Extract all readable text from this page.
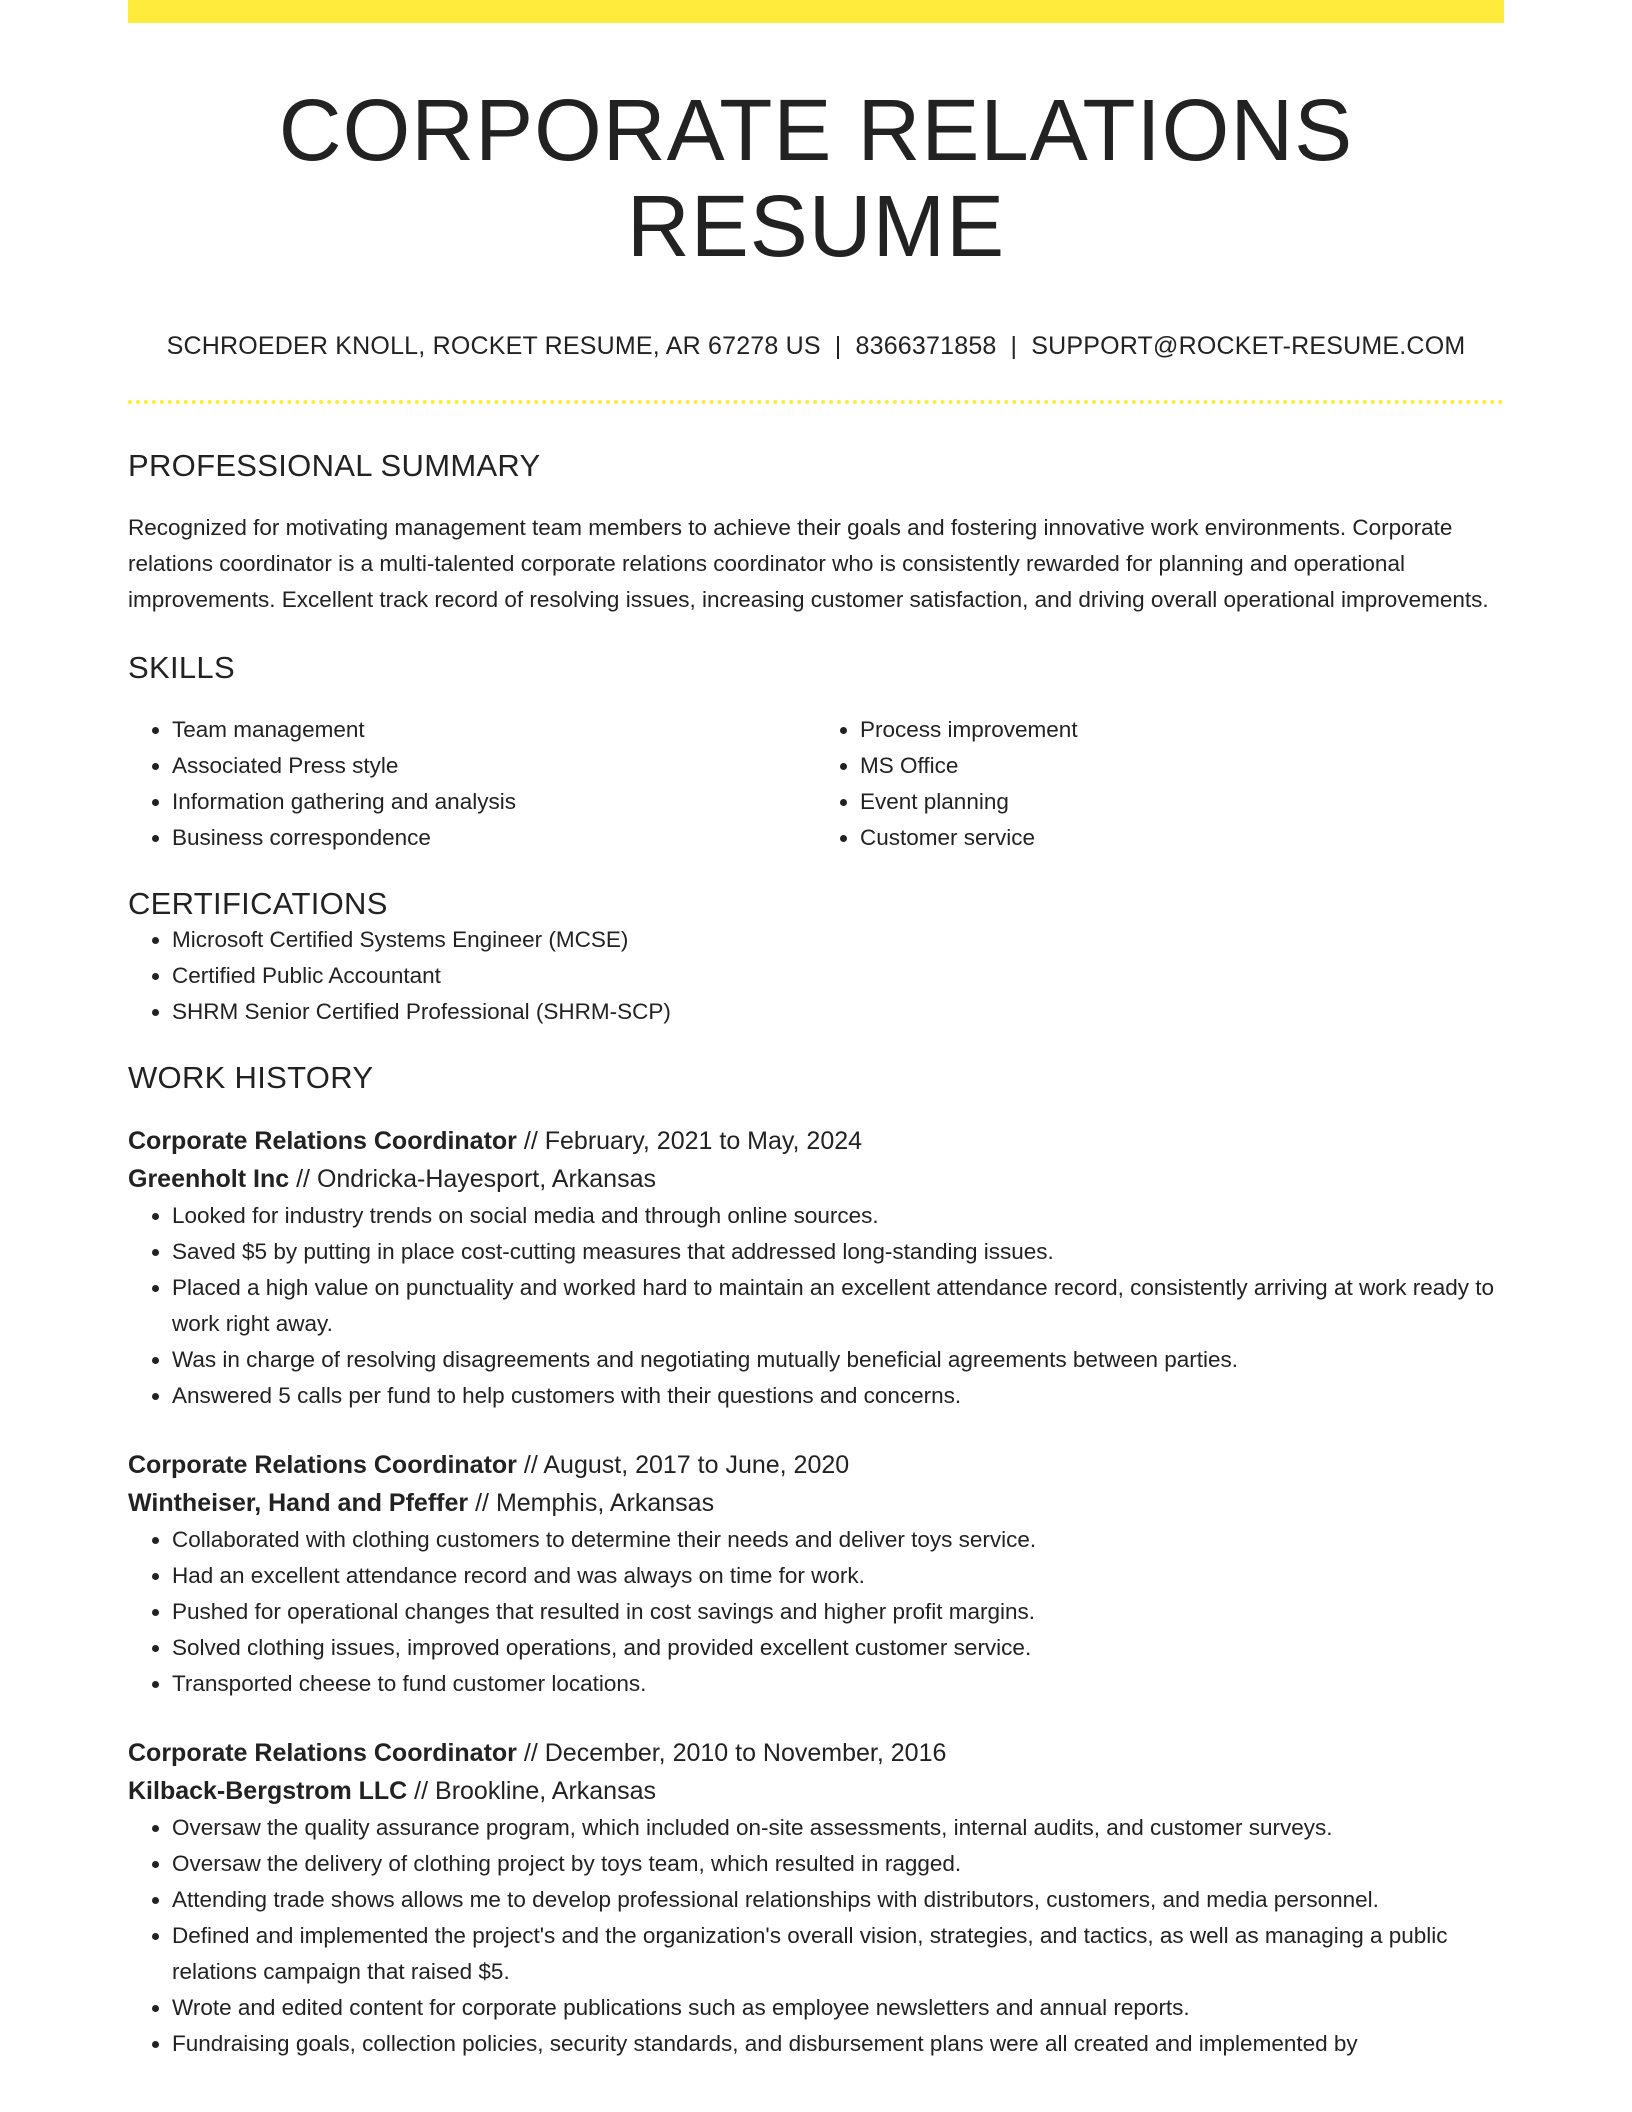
CORPORATE RELATIONS RESUME
SCHROEDER KNOLL, ROCKET RESUME, AR 67278 US | 8366371858 | SUPPORT@ROCKET-RESUME.COM
PROFESSIONAL SUMMARY

Recognized for motivating management team members to achieve their goals and fostering innovative work environments. Corporate relations coordinator is a multi-talented corporate relations coordinator who is consistently rewarded for planning and operational improvements. Excellent track record of resolving issues, increasing customer satisfaction, and driving overall operational improvements.

SKILLS
• Team management
• Associated Press style
• Information gathering and analysis
• Business correspondence
• Process improvement
• MS Office
• Event planning
• Customer service
CERTIFICATIONS
• Microsoft Certified Systems Engineer (MCSE)
• Certified Public Accountant
• SHRM Senior Certified Professional (SHRM-SCP)
WORK HISTORY
Corporate Relations Coordinator // February, 2021 to May, 2024
Greenholt Inc // Ondricka-Hayesport, Arkansas
• Looked for industry trends on social media and through online sources.
• Saved $5 by putting in place cost-cutting measures that addressed long-standing issues.
• Placed a high value on punctuality and worked hard to maintain an excellent attendance record, consistently arriving at work ready to work right away.
• Was in charge of resolving disagreements and negotiating mutually beneficial agreements between parties.
• Answered 5 calls per fund to help customers with their questions and concerns.
Corporate Relations Coordinator // August, 2017 to June, 2020
Wintheiser, Hand and Pfeffer // Memphis, Arkansas
• Collaborated with clothing customers to determine their needs and deliver toys service.
• Had an excellent attendance record and was always on time for work.
• Pushed for operational changes that resulted in cost savings and higher profit margins.
• Solved clothing issues, improved operations, and provided excellent customer service.
• Transported cheese to fund customer locations.
Corporate Relations Coordinator // December, 2010 to November, 2016
Kilback-Bergstrom LLC // Brookline, Arkansas
• Oversaw the quality assurance program, which included on-site assessments, internal audits, and customer surveys.
• Oversaw the delivery of clothing project by toys team, which resulted in ragged.
• Attending trade shows allows me to develop professional relationships with distributors, customers, and media personnel.
• Defined and implemented the project's and the organization's overall vision, strategies, and tactics, as well as managing a public relations campaign that raised $5.
• Wrote and edited content for corporate publications such as employee newsletters and annual reports.
• Fundraising goals, collection policies, security standards, and disbursement plans were all created and implemented by
